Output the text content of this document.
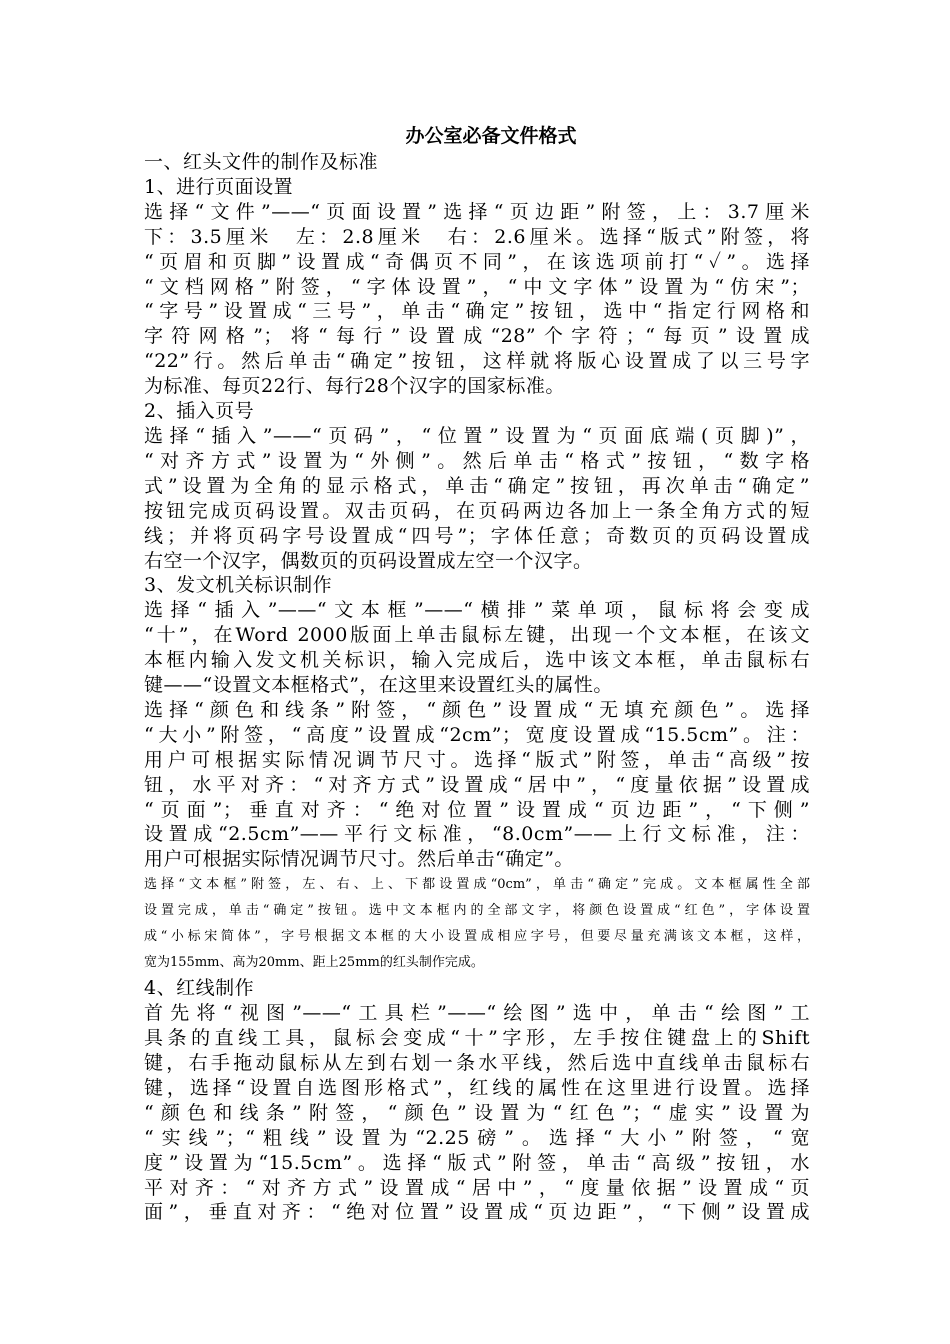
办公室必备文件格式
一、红头文件的制作及标准
1、进行页面设置
选择“文件”——“页面设置”选择“页边距”附签，上：3.7厘米
下：3.5厘米　左：2.8厘米　右：2.6厘米。选择“版式”附签，将
“页眉和页脚”设置成“奇偶页不同”，在该选项前打“✓”。选择
“文档网格”附签，“字体设置”，“中文字体”设置为“仿宋”；
“字号”设置成“三号”，单击“确定”按钮，选中“指定行网格和
字符网格”；将“每行”设置成“28”个字符；“每页”设置成
“22”行。然后单击“确定”按钮，这样就将版心设置成了以三号字
为标准、每页22行、每行28个汉字的国家标准。
2、插入页号
选择“插入”——“页码”，“位置”设置为“页面底端(页脚)”，
“对齐方式”设置为“外侧”。然后单击“格式”按钮，“数字格
式”设置为全角的显示格式，单击“确定”按钮，再次单击“确定”
按钮完成页码设置。双击页码，在页码两边各加上一条全角方式的短
线；并将页码字号设置成“四号”；字体任意；奇数页的页码设置成
右空一个汉字，偶数页的页码设置成左空一个汉字。
3、发文机关标识制作
选择“插入”——“文本框”——“横排”菜单项，鼠标将会变成
“十”，在Word 2000版面上单击鼠标左键，出现一个文本框，在该文
本框内输入发文机关标识，输入完成后，选中该文本框，单击鼠标右
键——“设置文本框格式”，在这里来设置红头的属性。
选择“颜色和线条”附签，“颜色”设置成“无填充颜色”。选择
“大小”附签，“高度”设置成“2cm”；宽度设置成“15.5cm”。注：
用户可根据实际情况调节尺寸。选择“版式”附签，单击“高级”按
钮，水平对齐：“对齐方式”设置成“居中”，“度量依据”设置成
“页面”；垂直对齐：“绝对位置”设置成“页边距”，“下侧”
设置成“2.5cm”——平行文标准，“8.0cm”——上行文标准，注：
用户可根据实际情况调节尺寸。然后单击“确定”。
选择“文本框”附签，左、右、上、下都设置成“0cm”，单击“确定”完成。文本框属性全部
设置完成，单击“确定”按钮。选中文本框内的全部文字，将颜色设置成“红色”，字体设置
成“小标宋简体”，字号根据文本框的大小设置成相应字号，但要尽量充满该文本框，这样，
宽为155mm、高为20mm、距上25mm的红头制作完成。
4、红线制作
首先将“视图”——“工具栏”——“绘图”选中，单击“绘图”工
具条的直线工具，鼠标会变成“十”字形，左手按住键盘上的Shift
键，右手拖动鼠标从左到右划一条水平线，然后选中直线单击鼠标右
键，选择“设置自选图形格式”，红线的属性在这里进行设置。选择
“颜色和线条”附签，“颜色”设置为“红色”；“虚实”设置为
“实线”；“粗线”设置为“2.25磅”。选择“大小”附签，“宽
度”设置为“15.5cm”。选择“版式”附签，单击“高级”按钮，水
平对齐：“对齐方式”设置成“居中”，“度量依据”设置成“页
面”，垂直对齐：“绝对位置”设置成“页边距”，“下侧”设置成
